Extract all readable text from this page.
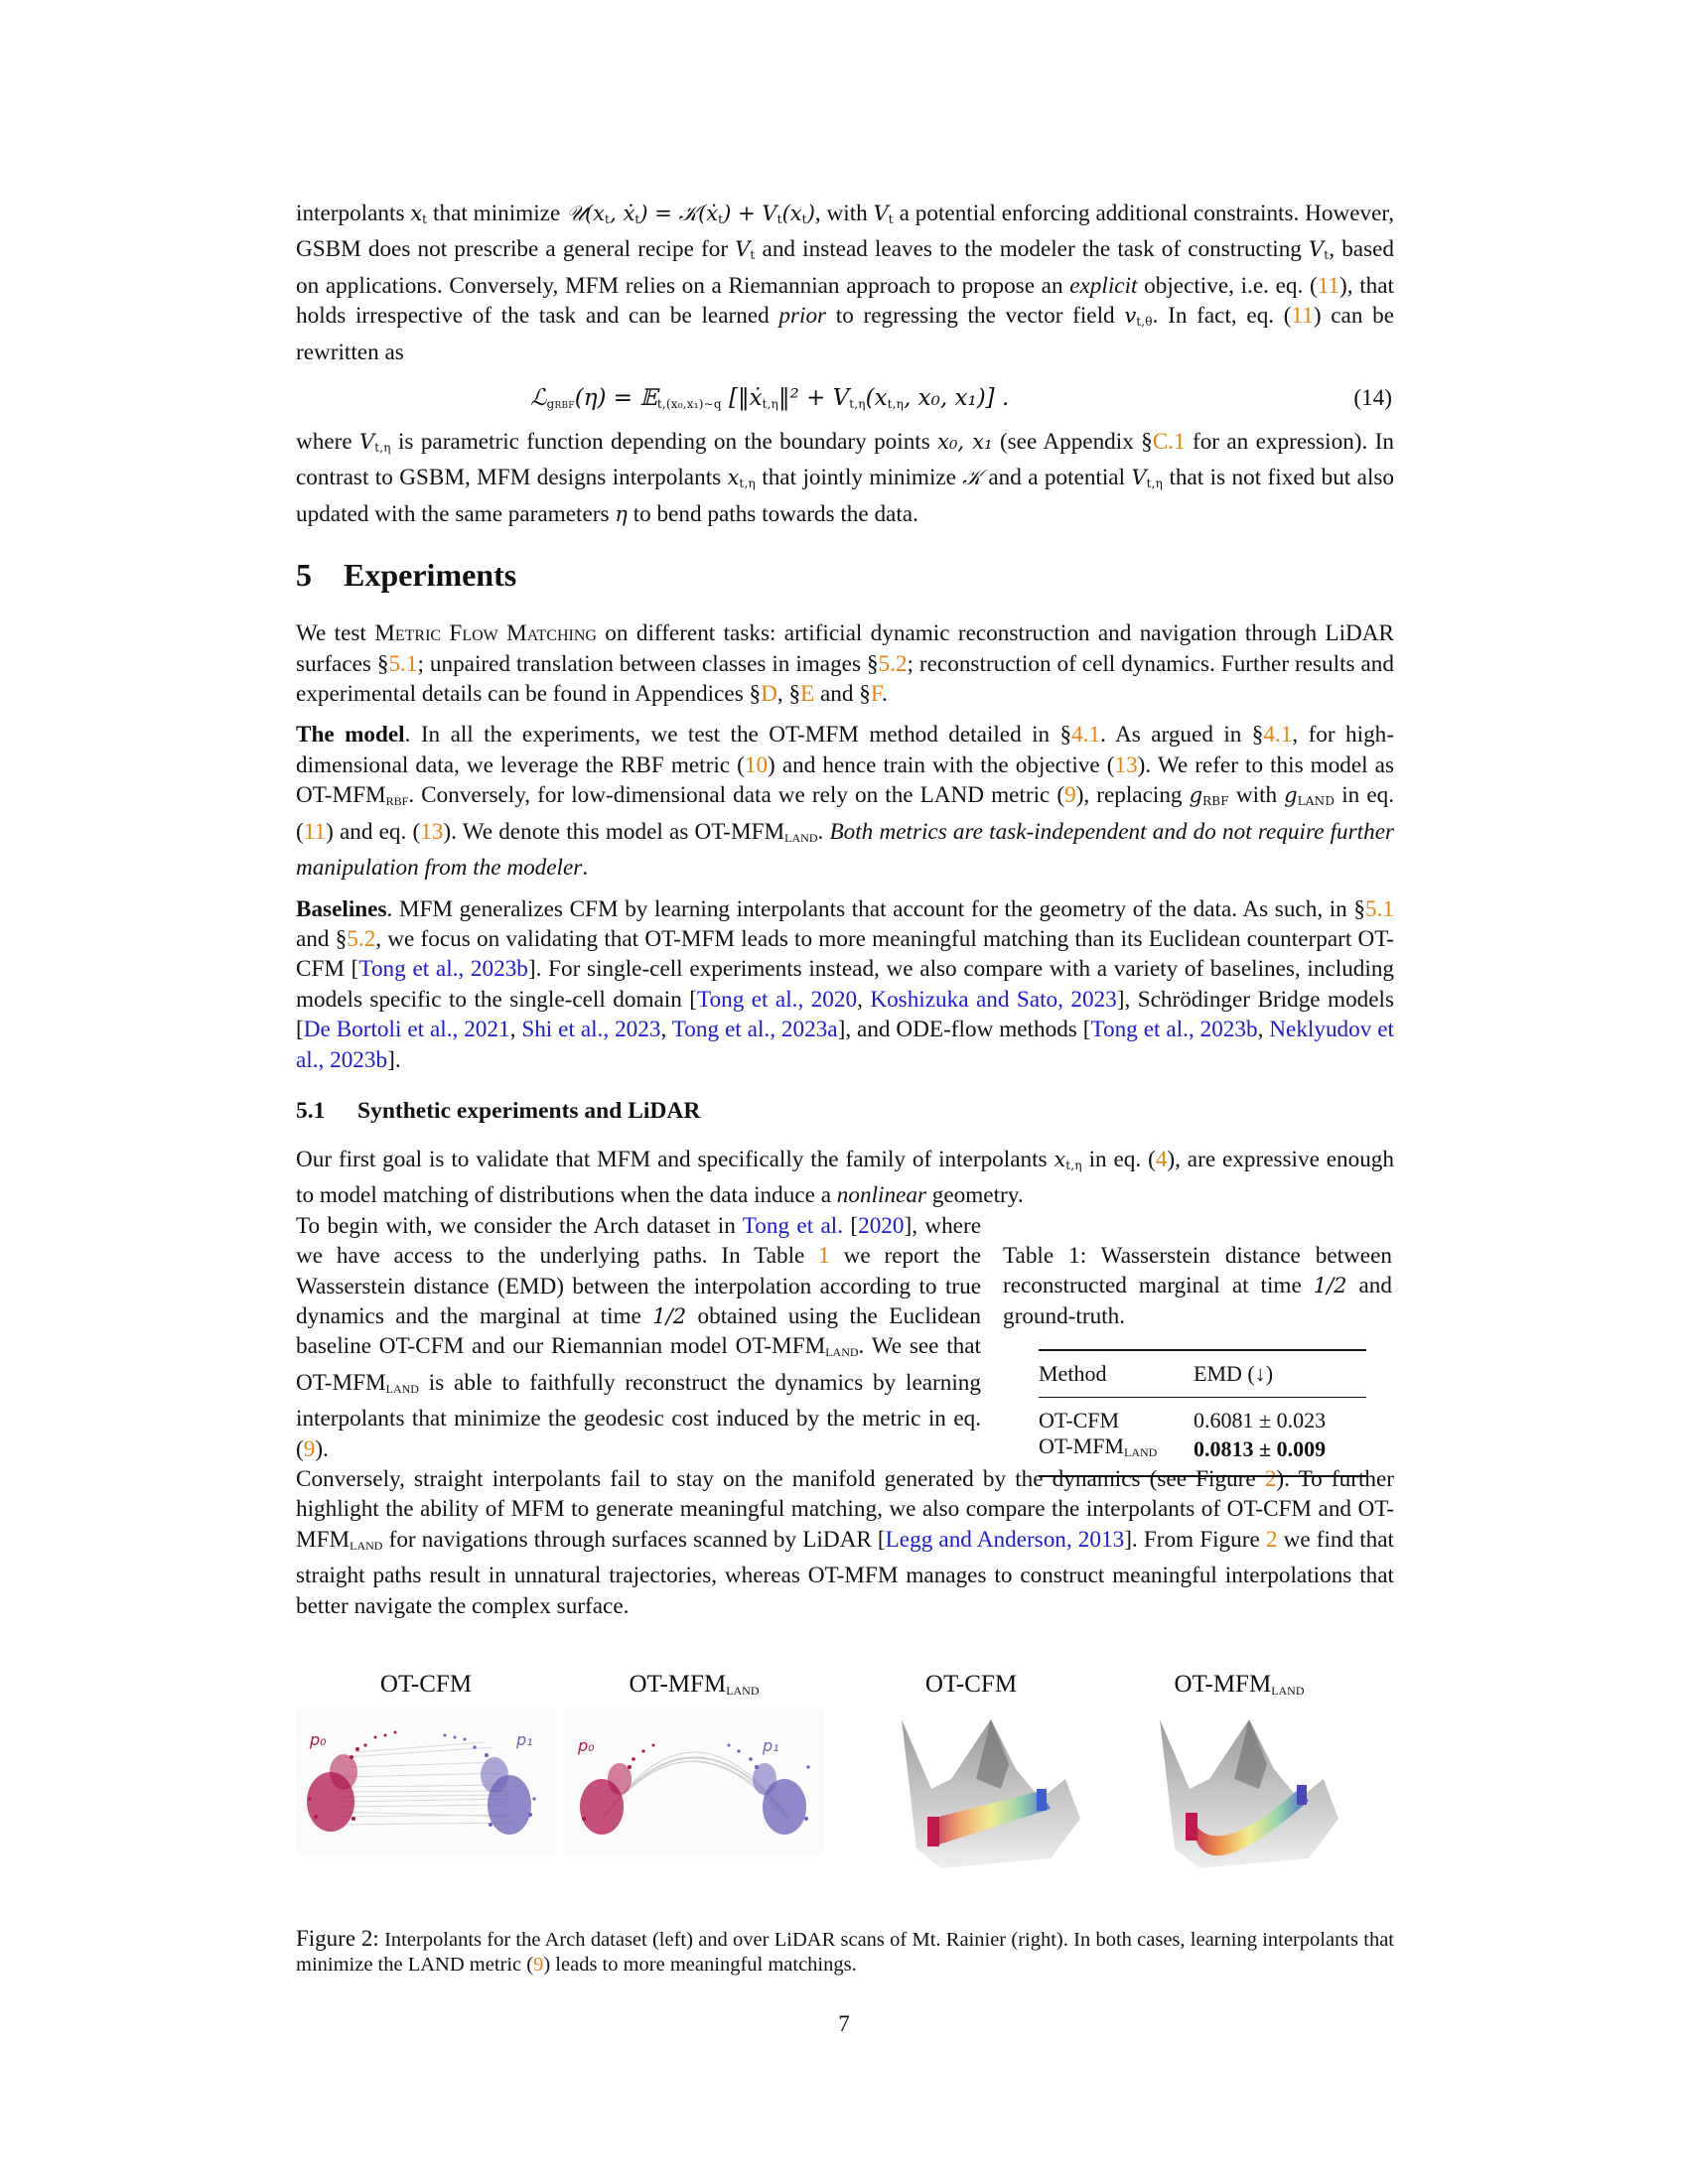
interpolants $x_t$ that minimize $𝒰(x_t$, ẋ$_t$) = 𝒦(ẋ$_t$) + $V_t(x_t)$, with $V_t$ a potential enforcing additional constraints. However, GSBM does not prescribe a general recipe for $V_t$ and instead leaves to the modeler the task of constructing $V_t$, based on applications. Conversely, MFM relies on a Riemannian approach to propose an explicit objective, i.e. eq. (11), that holds irrespective of the task and can be learned prior to regressing the vector field $v_{t,\theta}$. In fact, eq. (11) can be rewritten as

ℒ$_{gRBF}$(η) = 𝔼$_{t,(x_0,x_1)\sim q}$ [‖ẋ$_{t,\eta}$‖² + $V_{t,\eta}(x_{t,\eta}$, x₀, x₁)] .	(14)

where $V_{t,\eta}$ is parametric function depending on the boundary points x₀, x₁ (see Appendix §C.1 for an expression). In contrast to GSBM, MFM designs interpolants $x_{t,\eta}$ that jointly minimize 𝒦 and a potential $V_{t,\eta}$ that is not fixed but also updated with the same parameters η to bend paths towards the data.

5 Experiments

We test Metric Flow Matching on different tasks: artificial dynamic reconstruction and navigation through LiDAR surfaces §5.1; unpaired translation between classes in images §5.2; reconstruction of cell dynamics. Further results and experimental details can be found in Appendices §D, §E and §F.

The model. In all the experiments, we test the OT-MFM method detailed in §4.1. As argued in §4.1, for high-dimensional data, we leverage the RBF metric (10) and hence train with the objective (13). We refer to this model as OT-MFMRBF. Conversely, for low-dimensional data we rely on the LAND metric (9), replacing $g_{RBF}$ with $g_{LAND}$ in eq. (11) and eq. (13). We denote this model as OT-MFMLAND. Both metrics are task-independent and do not require further manipulation from the modeler.

Baselines. MFM generalizes CFM by learning interpolants that account for the geometry of the data. As such, in §5.1 and §5.2, we focus on validating that OT-MFM leads to more meaningful matching than its Euclidean counterpart OT-CFM [Tong et al., 2023b]. For single-cell experiments instead, we also compare with a variety of baselines, including models specific to the single-cell domain [Tong et al., 2020, Koshizuka and Sato, 2023], Schrödinger Bridge models [De Bortoli et al., 2021, Shi et al., 2023, Tong et al., 2023a], and ODE-flow methods [Tong et al., 2023b, Neklyudov et al., 2023b].

5.1 Synthetic experiments and LiDAR

Our first goal is to validate that MFM and specifically the family of interpolants $x_{t,\eta}$ in eq. (4), are expressive enough to model matching of distributions when the data induce a nonlinear geometry.

To begin with, we consider the Arch dataset in Tong et al. [2020], where we have access to the underlying paths. In Table 1 we report the Wasserstein distance (EMD) between the interpolation according to true dynamics and the marginal at time 1/2 obtained using the Euclidean baseline OT-CFM and our Riemannian model OT-MFMLAND. We see that OT-MFMLAND is able to faithfully reconstruct the dynamics by learning interpolants that minimize the geodesic cost induced by the metric in eq. (9).

Table 1: Wasserstein distance between reconstructed marginal at time 1/2 and ground-truth.

Method	EMD (↓)
OT-CFM	0.6081 ± 0.023
OT-MFMLAND	0.0813 ± 0.009

Conversely, straight interpolants fail to stay on the manifold generated by the dynamics (see Figure 2). To further highlight the ability of MFM to generate meaningful matching, we also compare the interpolants of OT-CFM and OT-MFMLAND for navigations through surfaces scanned by LiDAR [Legg and Anderson, 2013]. From Figure 2 we find that straight paths result in unnatural trajectories, whereas OT-MFM manages to construct meaningful interpolations that better navigate the complex surface.

OT-CFM
p₀	p₁
OT-MFMLAND
p₀	p₁
OT-CFM	OT-MFMLAND
Figure 2: Interpolants for the Arch dataset (left) and over LiDAR scans of Mt. Rainier (right). In both cases, learning interpolants that minimize the LAND metric (9) leads to more meaningful matchings.
7
